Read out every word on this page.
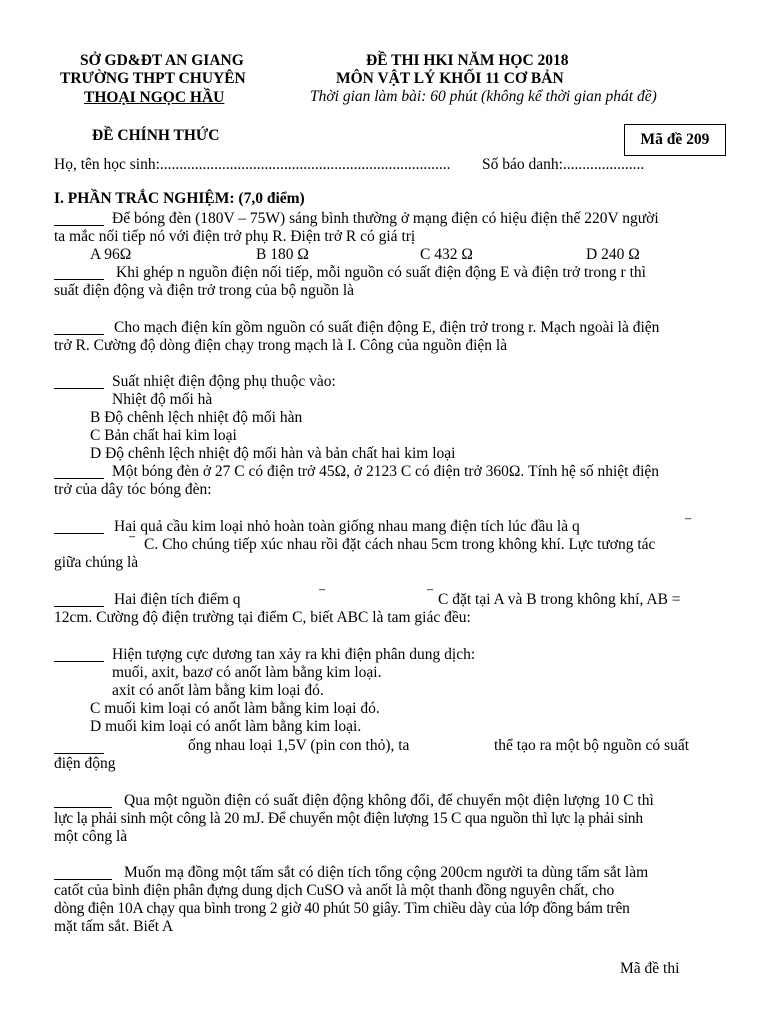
SỞ GD&ĐT AN GIANG
TRƯỜNG THPT CHUYÊN
THOẠI NGỌC HẦU
ĐỀ THI HKI NĂM HỌC 2018
MÔN VẬT LÝ KHỐI 11 CƠ BẢN
Thời gian làm bài: 60 phút (không kể thời gian phát đề)
ĐỀ CHÍNH THỨC	Mã đề 209
Họ, tên học sinh:........................................................................... Số báo danh:.....................
I. PHẦN TRẮC NGHIỆM: (7,0 điểm)
Để bóng đèn (180V – 75W) sáng bình thường ở mạng điện có hiệu điện thế 220V người
ta mắc nối tiếp nó với điện trở phụ R. Điện trở R có giá trị
A 96Ω	B 180 Ω	C 432 Ω	D 240 Ω
Khi ghép n nguồn điện nối tiếp, mỗi nguồn có suất điện động E và điện trở trong r thì
suất điện động và điện trở trong của bộ nguồn là
Cho mạch điện kín gồm nguồn có suất điện động E, điện trở trong r. Mạch ngoài là điện
trở R. Cường độ dòng điện chạy trong mạch là I. Công của nguồn điện là
Suất nhiệt điện động phụ thuộc vào:
Nhiệt độ mối hà
B Độ chênh lệch nhiệt độ mối hàn
C Bản chất hai kim loại
D Độ chênh lệch nhiệt độ mối hàn và bản chất hai kim loại
Một bóng đèn ở 27 C có điện trở 45Ω, ở 2123 C có điện trở 360Ω. Tính hệ số nhiệt điện
trở của dây tóc bóng đèn:
Hai quả cầu kim loại nhỏ hoàn toàn giống nhau mang điện tích lúc đầu là q	⁻
⁻ C. Cho chúng tiếp xúc nhau rồi đặt cách nhau 5cm trong không khí. Lực tương tác
giữa chúng là
Hai điện tích điểm q	⁻	⁻ C đặt tại A và B trong không khí, AB =
12cm. Cường độ điện trường tại điểm C, biết ABC là tam giác đều:
Hiện tượng cực dương tan xảy ra khi điện phân dung dịch:
muối, axit, bazơ có anốt làm bằng kim loại.
axit có anốt làm bằng kim loại đó.
C muối kim loại có anốt làm bằng kim loại đó.
D muối kim loại có anốt làm bằng kim loại.
ống nhau loại 1,5V (pin con thỏ), ta	thể tạo ra một bộ nguồn có suất
điện động
Qua một nguồn điện có suất điện động không đổi, để chuyển một điện lượng 10 C thì
lực lạ phải sinh một công là 20 mJ. Để chuyển một điện lượng 15 C qua nguồn thì lực lạ phải sinh
một công là
Muốn mạ đồng một tấm sắt có diện tích tổng cộng 200cm người ta dùng tấm sắt làm
catốt của bình điện phân đựng dung dịch CuSO và anốt là một thanh đồng nguyên chất, cho
dòng điện 10A chạy qua bình trong 2 giờ 40 phút 50 giây. Tìm chiều dày của lớp đồng bám trên
mặt tấm sắt. Biết A
Mã đề thi
